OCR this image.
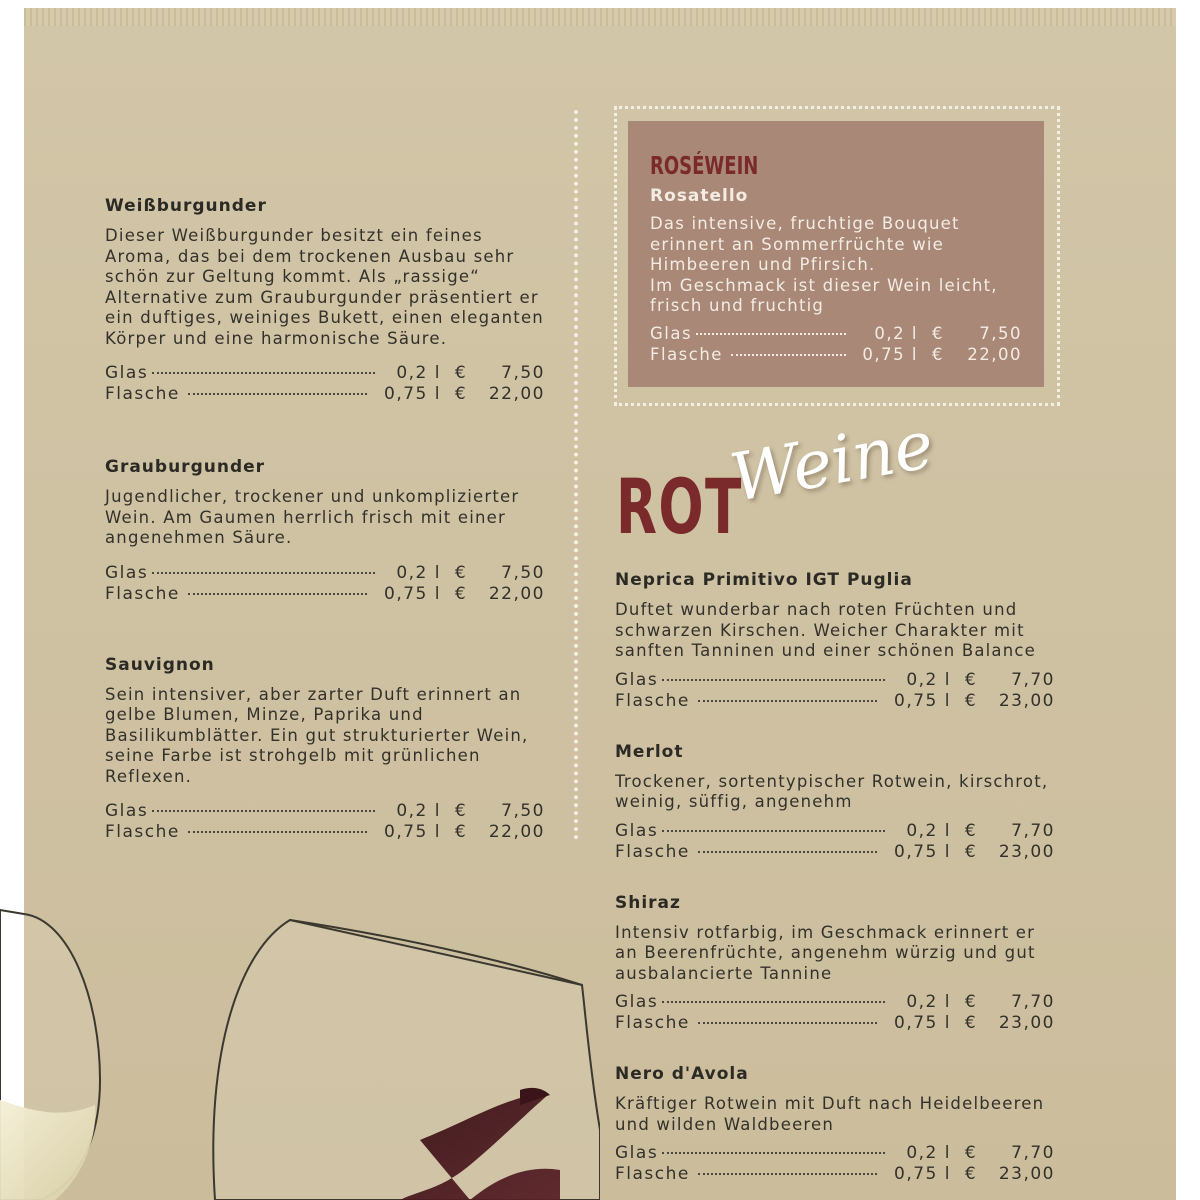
Weißburgunder
Dieser Weißburgunder besitzt ein feines Aroma, das bei dem trockenen Ausbau sehr schön zur Geltung kommt. Als „rassige“ Alternative zum Grauburgunder präsentiert er ein duftiges, weiniges Bukett, einen eleganten Körper und eine harmonische Säure.
Glas	0,2 l €	7,50
Flasche	0,75 l €	22,00
Grauburgunder
Jugendlicher, trockener und unkomplizierter Wein. Am Gaumen herrlich frisch mit einer angenehmen Säure.
Glas	0,2 l €	7,50
Flasche	0,75 l €	22,00
Sauvignon
Sein intensiver, aber zarter Duft erinnert an gelbe Blumen, Minze, Paprika und Basilikumblätter. Ein gut strukturierter Wein, seine Farbe ist strohgelb mit grünlichen Reflexen.
Glas	0,2 l €	7,50
Flasche	0,75 l €	22,00
ROSÉWEIN
Rosatello
Das intensive, fruchtige Bouquet erinnert an Sommerfrüchte wie Himbeeren und Pfirsich.
Im Geschmack ist dieser Wein leicht, frisch und fruchtig
Glas	0,2 l €	7,50
Flasche	0,75 l €	22,00
ROT
Weine
Neprica Primitivo IGT Puglia
Duftet wunderbar nach roten Früchten und schwarzen Kirschen. Weicher Charakter mit sanften Tanninen und einer schönen Balance
Glas	0,2 l €	7,70
Flasche	0,75 l €	23,00
Merlot
Trockener, sortentypischer Rotwein, kirschrot, weinig, süffig, angenehm
Glas	0,2 l €	7,70
Flasche	0,75 l €	23,00
Shiraz
Intensiv rotfarbig, im Geschmack erinnert er an Beerenfrüchte, angenehm würzig und gut ausbalancierte Tannine
Glas	0,2 l €	7,70
Flasche	0,75 l €	23,00
Nero d'Avola
Kräftiger Rotwein mit Duft nach Heidelbeeren und wilden Waldbeeren
Glas	0,2 l €	7,70
Flasche	0,75 l €	23,00
